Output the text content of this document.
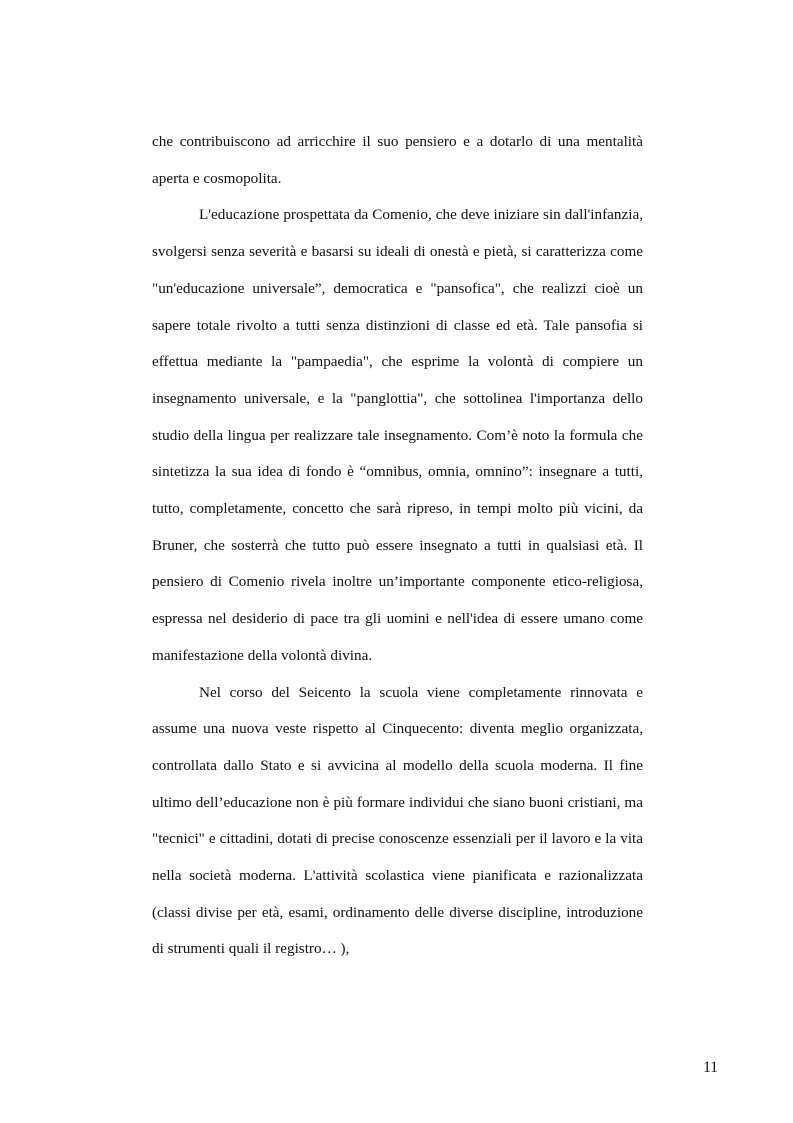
che contribuiscono ad arricchire il suo pensiero e a dotarlo di una mentalità aperta e cosmopolita.

L'educazione prospettata da Comenio, che deve iniziare sin dall'infanzia, svolgersi senza severità e basarsi su ideali di onestà e pietà, si caratterizza come "un'educazione universale”, democratica e "pansofica", che realizzi cioè un sapere totale rivolto a tutti senza distinzioni di classe ed età. Tale pansofia si effettua mediante la "pampaedia", che esprime la volontà di compiere un insegnamento universale, e la "panglottia", che sottolinea l'importanza dello studio della lingua per realizzare tale insegnamento. Com’è noto la formula che sintetizza la sua idea di fondo è “omnibus, omnia, omnino”: insegnare a tutti, tutto, completamente, concetto che sarà ripreso, in tempi molto più vicini, da Bruner, che sosterrà che tutto può essere insegnato a tutti in qualsiasi età. Il pensiero di Comenio rivela inoltre un’importante componente etico-religiosa, espressa nel desiderio di pace tra gli uomini e nell'idea di essere umano come manifestazione della volontà divina.

Nel corso del Seicento la scuola viene completamente rinnovata e assume una nuova veste rispetto al Cinquecento: diventa meglio organizzata, controllata dallo Stato e si avvicina al modello della scuola moderna. Il fine ultimo dell’educazione non è più formare individui che siano buoni cristiani, ma "tecnici" e cittadini, dotati di precise conoscenze essenziali per il lavoro e la vita nella società moderna. L'attività scolastica viene pianificata e razionalizzata (classi divise per età, esami, ordinamento delle diverse discipline, introduzione di strumenti quali il registro… ),

11
